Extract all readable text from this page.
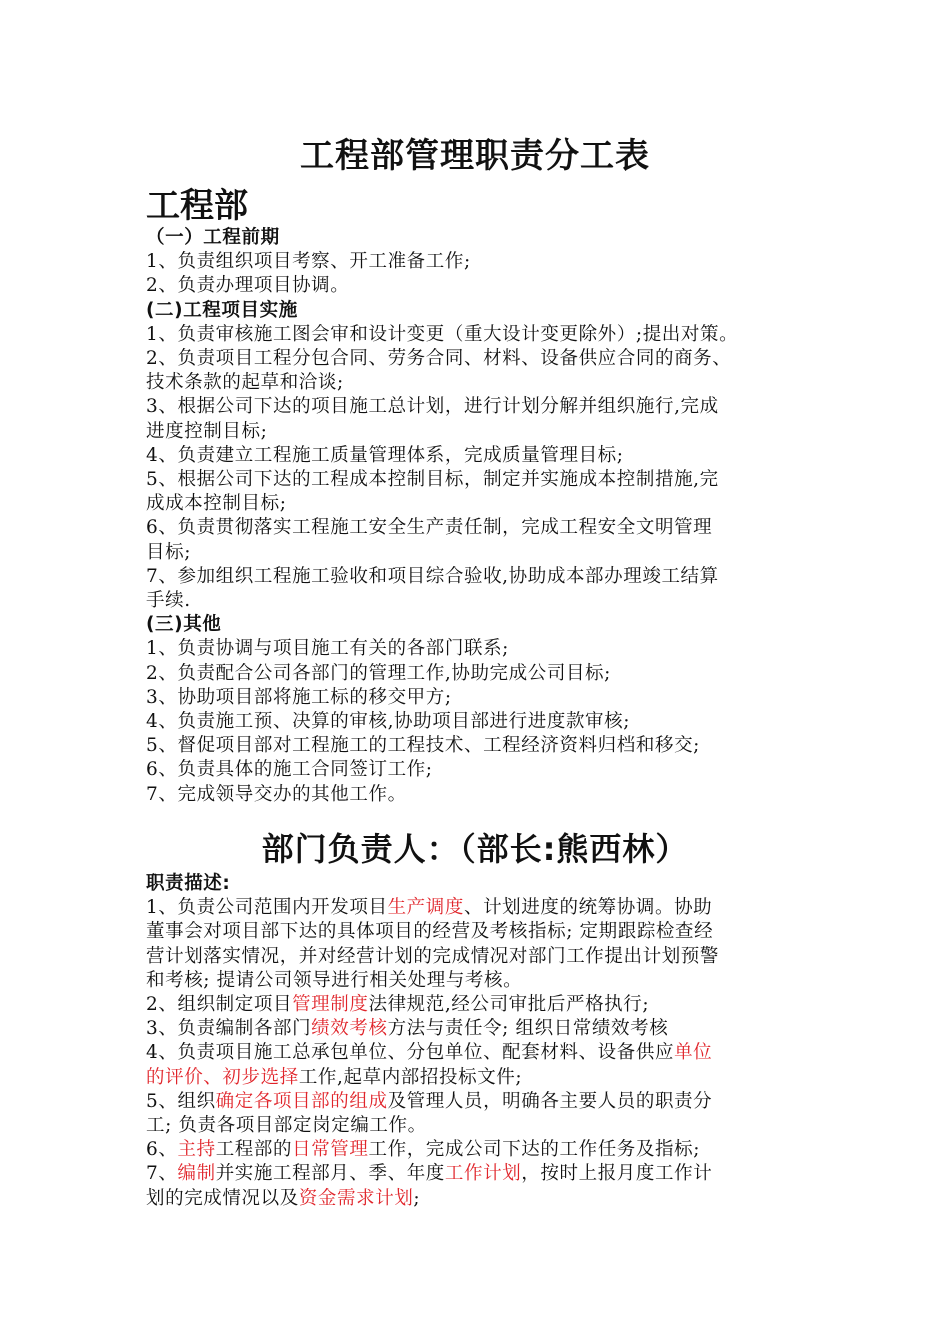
工程部管理职责分工表
工程部
（一）工程前期
1、负责组织项目考察、开工准备工作;
2、负责办理项目协调。
(二)工程项目实施
1、负责审核施工图会审和设计变更（重大设计变更除外）;提出对策。
2、负责项目工程分包合同、劳务合同、材料、设备供应合同的商务、
技术条款的起草和洽谈;
3、根据公司下达的项目施工总计划，进行计划分解并组织施行,完成
进度控制目标;
4、负责建立工程施工质量管理体系，完成质量管理目标;
5、根据公司下达的工程成本控制目标，制定并实施成本控制措施,完
成成本控制目标;
6、负责贯彻落实工程施工安全生产责任制，完成工程安全文明管理
目标;
7、参加组织工程施工验收和项目综合验收,协助成本部办理竣工结算
手续.
(三)其他
1、负责协调与项目施工有关的各部门联系;
2、负责配合公司各部门的管理工作,协助完成公司目标;
3、协助项目部将施工标的移交甲方;
4、负责施工预、决算的审核,协助项目部进行进度款审核;
5、督促项目部对工程施工的工程技术、工程经济资料归档和移交;
6、负责具体的施工合同签订工作;
7、完成领导交办的其他工作。
部门负责人：（部长:熊西林）
职责描述:
1、负责公司范围内开发项目生产调度、计划进度的统筹协调。协助
董事会对项目部下达的具体项目的经营及考核指标; 定期跟踪检查经
营计划落实情况，并对经营计划的完成情况对部门工作提出计划预警
和考核; 提请公司领导进行相关处理与考核。
2、组织制定项目管理制度法律规范,经公司审批后严格执行;
3、负责编制各部门绩效考核方法与责任令; 组织日常绩效考核
4、负责项目施工总承包单位、分包单位、配套材料、设备供应单位
的评价、初步选择工作,起草内部招投标文件;
5、组织确定各项目部的组成及管理人员，明确各主要人员的职责分
工; 负责各项目部定岗定编工作。
6、主持工程部的日常管理工作，完成公司下达的工作任务及指标;
7、编制并实施工程部月、季、年度工作计划，按时上报月度工作计
划的完成情况以及资金需求计划;
